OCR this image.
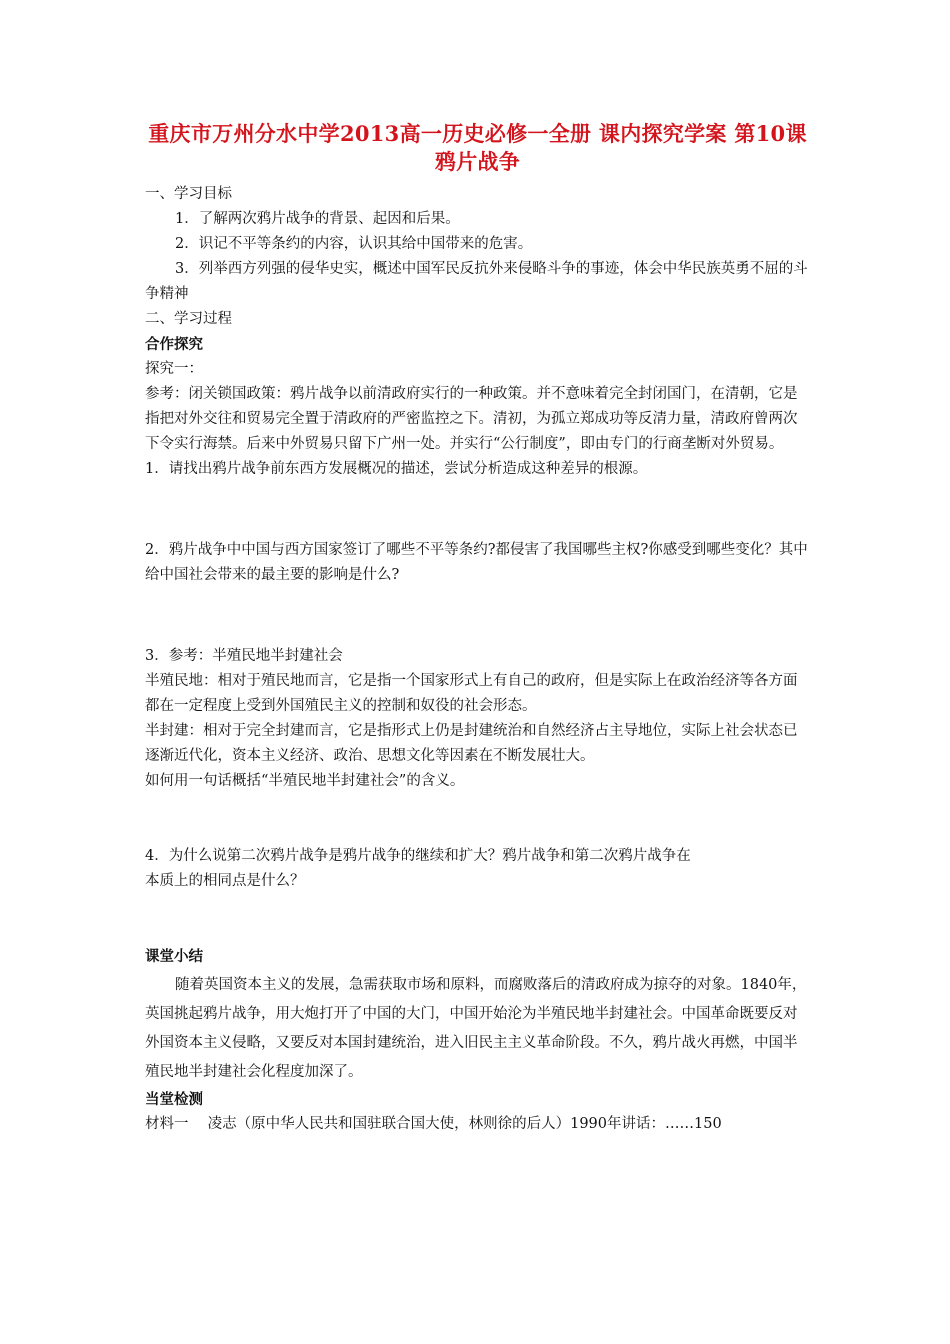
重庆市万州分水中学2013高一历史必修一全册 课内探究学案 第10课 鸦片战争

一、学习目标

1．了解两次鸦片战争的背景、起因和后果。

2．识记不平等条约的内容，认识其给中国带来的危害。

3．列举西方列强的侵华史实，概述中国军民反抗外来侵略斗争的事迹，体会中华民族英勇不屈的斗争精神

二、学习过程

合作探究

探究一：

参考：闭关锁国政策：鸦片战争以前清政府实行的一种政策。并不意味着完全封闭国门，在清朝，它是指把对外交往和贸易完全置于清政府的严密监控之下。清初，为孤立郑成功等反清力量，清政府曾两次下令实行海禁。后来中外贸易只留下广州一处。并实行“公行制度”，即由专门的行商垄断对外贸易。

1．请找出鸦片战争前东西方发展概况的描述，尝试分析造成这种差异的根源。

2．鸦片战争中中国与西方国家签订了哪些不平等条约?都侵害了我国哪些主权?你感受到哪些变化？其中给中国社会带来的最主要的影响是什么?

3．参考：半殖民地半封建社会

半殖民地：相对于殖民地而言，它是指一个国家形式上有自己的政府，但是实际上在政治经济等各方面都在一定程度上受到外国殖民主义的控制和奴役的社会形态。

半封建：相对于完全封建而言，它是指形式上仍是封建统治和自然经济占主导地位，实际上社会状态已逐渐近代化，资本主义经济、政治、思想文化等因素在不断发展壮大。

如何用一句话概括“半殖民地半封建社会”的含义。

4．为什么说第二次鸦片战争是鸦片战争的继续和扩大？鸦片战争和第二次鸦片战争在

本质上的相同点是什么？

课堂小结

随着英国资本主义的发展，急需获取市场和原料，而腐败落后的清政府成为掠夺的对象。1840年，英国挑起鸦片战争，用大炮打开了中国的大门，中国开始沦为半殖民地半封建社会。中国革命既要反对外国资本主义侵略，又要反对本国封建统治，进入旧民主主义革命阶段。不久，鸦片战火再燃，中国半殖民地半封建社会化程度加深了。

当堂检测

材料一　 凌志（原中华人民共和国驻联合国大使，林则徐的后人）1990年讲话：……150
